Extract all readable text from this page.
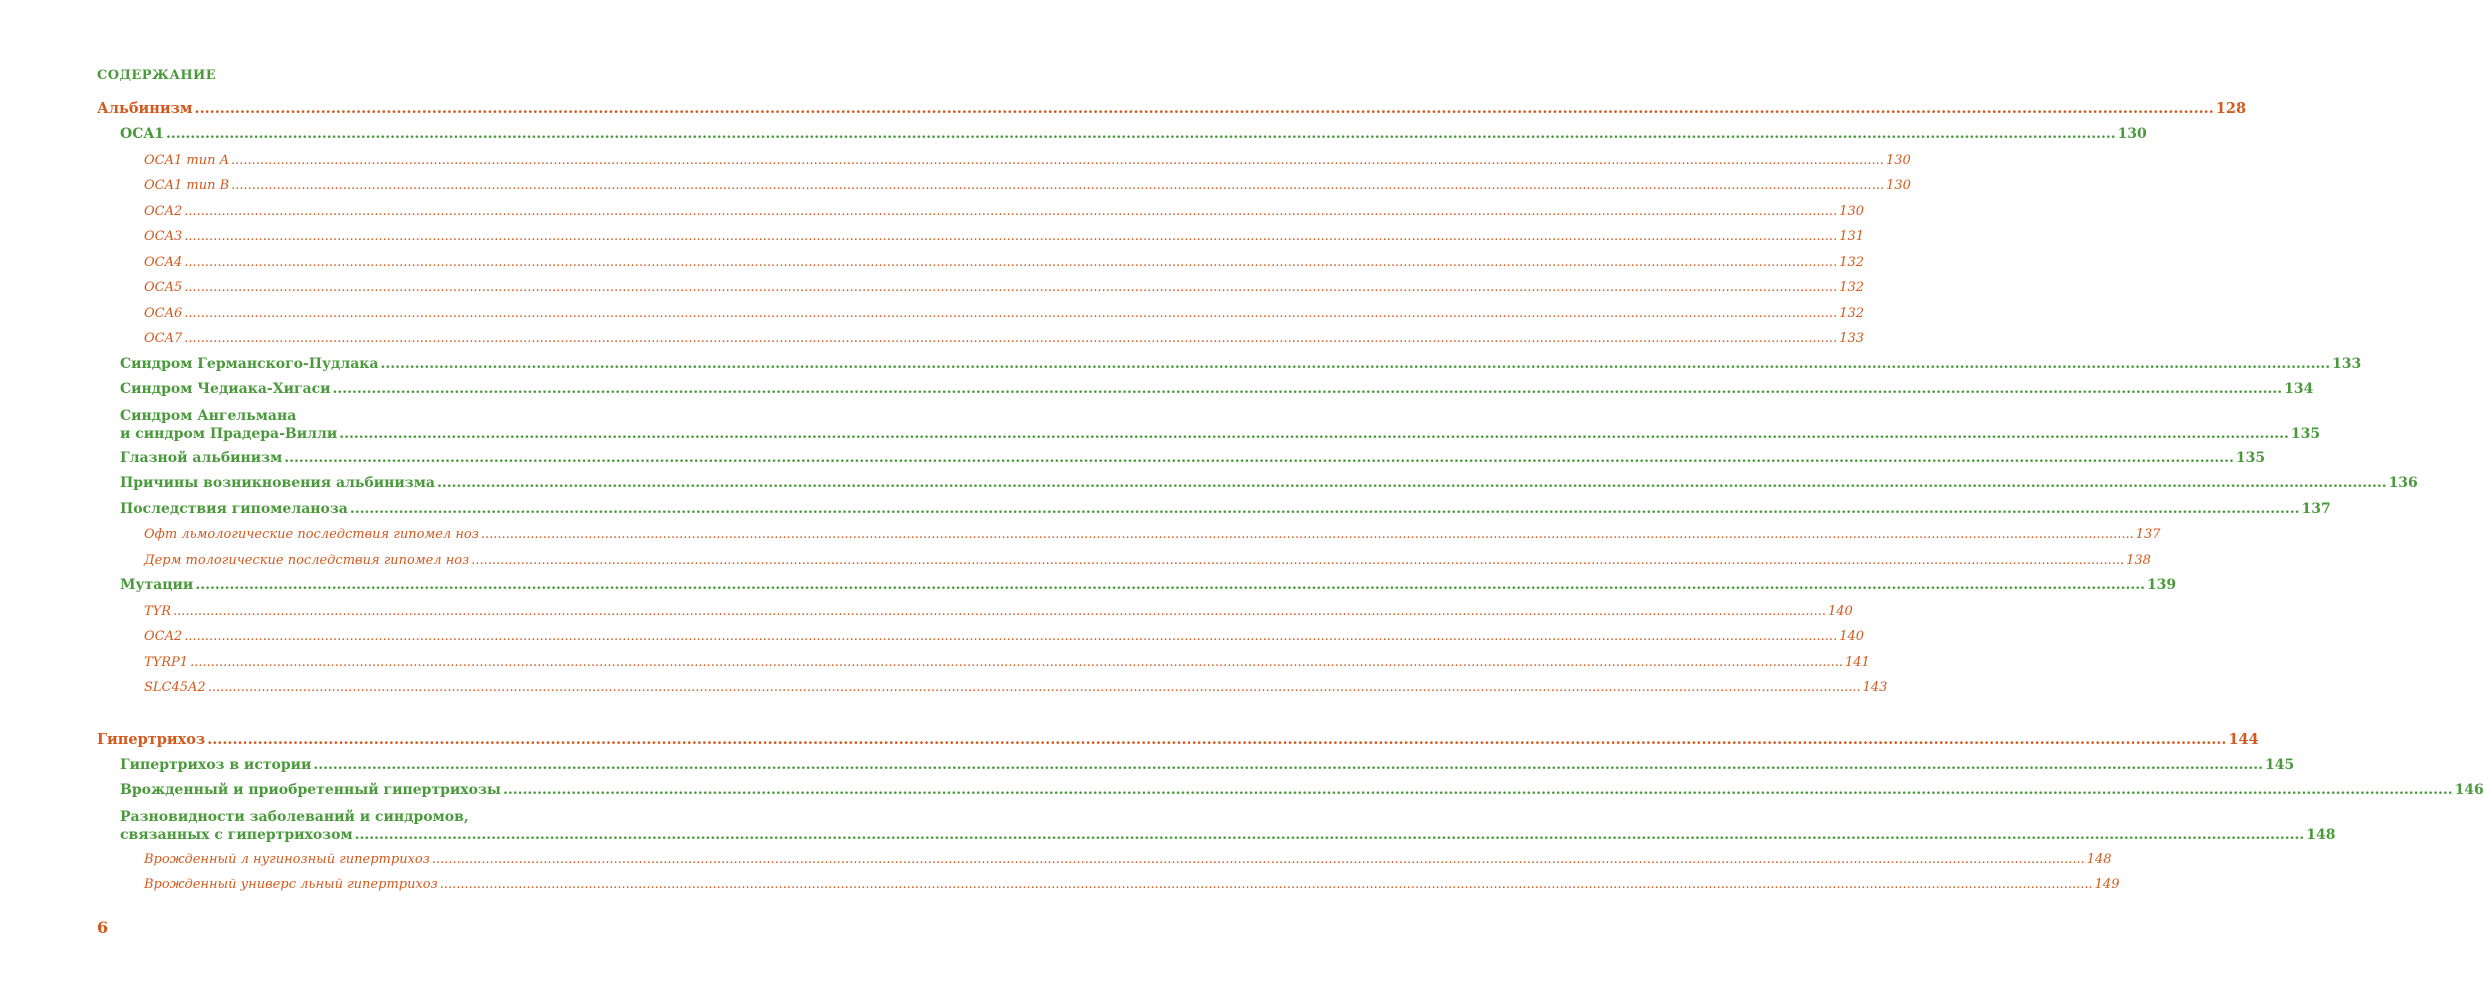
СОДЕРЖАНИЕ
Альбинизм ................................................................................................................................................................................................................................................................................................................................................................................................................ 128
OCA1 ................................................................................................................................................................................................................................................................................................................................................................................................................ 130
OCA1 тип A ................................................................................................................................................................................................................................................................................................................................................................................................................ 130
OCA1 тип B ................................................................................................................................................................................................................................................................................................................................................................................................................ 130
OCA2 ................................................................................................................................................................................................................................................................................................................................................................................................................ 130
OCA3 ................................................................................................................................................................................................................................................................................................................................................................................................................ 131
OCA4 ................................................................................................................................................................................................................................................................................................................................................................................................................ 132
OCA5 ................................................................................................................................................................................................................................................................................................................................................................................................................ 132
OCA6 ................................................................................................................................................................................................................................................................................................................................................................................................................ 132
OCA7 ................................................................................................................................................................................................................................................................................................................................................................................................................ 133
Синдром Германского-Пудлака ................................................................................................................................................................................................................................................................................................................................................................................................................ 133
Синдром Чедиака-Хигаси ................................................................................................................................................................................................................................................................................................................................................................................................................ 134
Синдром Ангельмана
и синдром Прадера-Вилли ................................................................................................................................................................................................................................................................................................................................................................................................................ 135
Глазной альбинизм ................................................................................................................................................................................................................................................................................................................................................................................................................ 135
Причины возникновения альбинизма ................................................................................................................................................................................................................................................................................................................................................................................................................ 136
Последствия гипомеланоза ................................................................................................................................................................................................................................................................................................................................................................................................................ 137
Офт льмологические последствия гипомел ноз ................................................................................................................................................................................................................................................................................................................................................................................................................ 137
Дерм тологические последствия гипомел ноз ................................................................................................................................................................................................................................................................................................................................................................................................................ 138
Мутации ................................................................................................................................................................................................................................................................................................................................................................................................................ 139
TYR ................................................................................................................................................................................................................................................................................................................................................................................................................ 140
OCA2 ................................................................................................................................................................................................................................................................................................................................................................................................................ 140
TYRP1 ................................................................................................................................................................................................................................................................................................................................................................................................................ 141
SLC45A2 ................................................................................................................................................................................................................................................................................................................................................................................................................ 143
Гипертрихоз ................................................................................................................................................................................................................................................................................................................................................................................................................ 144
Гипертрихоз в истории ................................................................................................................................................................................................................................................................................................................................................................................................................ 145
Врожденный и приобретенный гипертрихозы ................................................................................................................................................................................................................................................................................................................................................................................................................ 146
Разновидности заболеваний и синдромов,
связанных с гипертрихозом ................................................................................................................................................................................................................................................................................................................................................................................................................ 148
Врожденный л нугинозный гипертрихоз ................................................................................................................................................................................................................................................................................................................................................................................................................ 148
Врожденный универс льный гипертрихоз ................................................................................................................................................................................................................................................................................................................................................................................................................ 149
6
